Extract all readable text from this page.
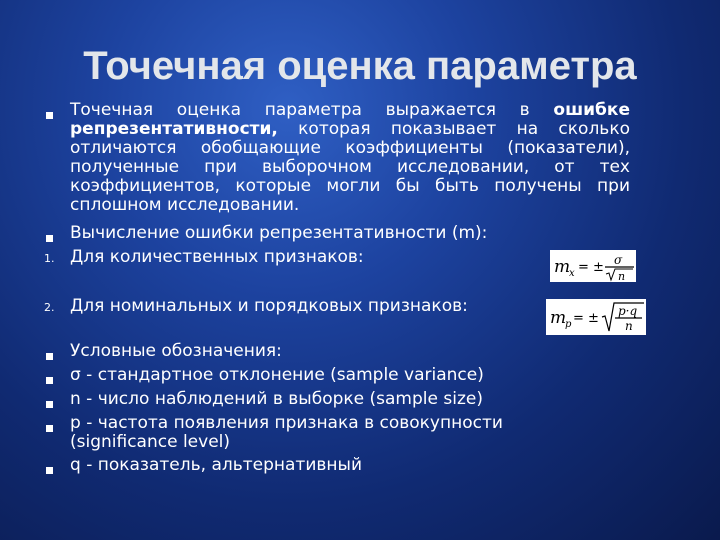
Точечная оценка параметра
Точечная оценка параметра выражается в ошибке репрезентативности, которая показывает на сколько отличаются обобщающие коэффициенты (показатели), полученные при выборочном исследовании, от тех коэффициентов, которые могли бы быть получены при сплошном исследовании.
Вычисление ошибки репрезентативности (m):
1. Для количественных признаков:	m
x = ± σ
n
2. Для номинальных и порядковых признаков:
m
p = ± p·q
n
Условные обозначения:
σ - стандартное отклонение (sample variance)
n - число наблюдений в выборке (sample size)
p - частота появления признака в совокупности (significance level)
q - показатель, альтернативный
